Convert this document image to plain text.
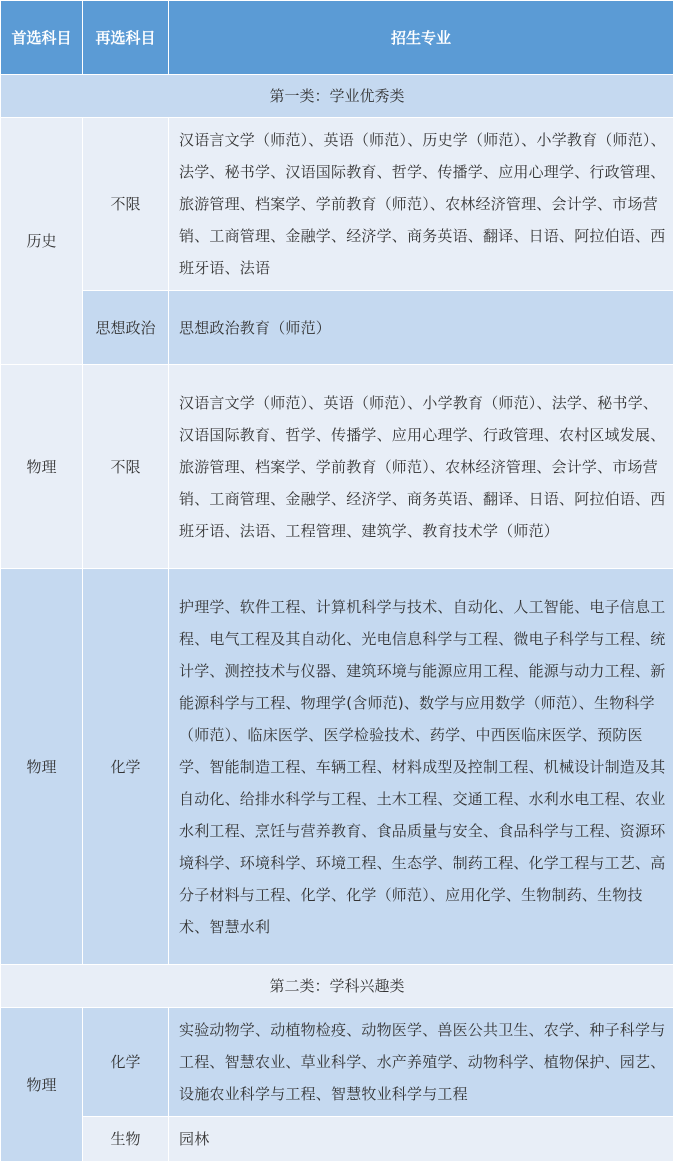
首选科目	再选科目	招生专业
第一类：学业优秀类		
历史	不限	汉语言文学（师范）、英语（师范）、历史学（师范）、小学教育（师范）、法学、秘书学、汉语国际教育、哲学、传播学、应用心理学、行政管理、旅游管理、档案学、学前教育（师范）、农林经济管理、会计学、市场营销、工商管理、金融学、经济学、商务英语、翻译、日语、阿拉伯语、西班牙语、法语
	思想政治	思想政治教育（师范）
物理	不限	汉语言文学（师范）、英语（师范）、小学教育（师范）、法学、秘书学、汉语国际教育、哲学、传播学、应用心理学、行政管理、农村区域发展、旅游管理、档案学、学前教育（师范）、农林经济管理、会计学、市场营销、工商管理、金融学、经济学、商务英语、翻译、日语、阿拉伯语、西班牙语、法语、工程管理、建筑学、教育技术学（师范）
物理	化学	护理学、软件工程、计算机科学与技术、自动化、人工智能、电子信息工程、电气工程及其自动化、光电信息科学与工程、微电子科学与工程、统计学、测控技术与仪器、建筑环境与能源应用工程、能源与动力工程、新能源科学与工程、物理学(含师范)、数学与应用数学（师范）、生物科学（师范）、临床医学、医学检验技术、药学、中西医临床医学、预防医学、智能制造工程、车辆工程、材料成型及控制工程、机械设计制造及其自动化、给排水科学与工程、土木工程、交通工程、水利水电工程、农业水利工程、烹饪与营养教育、食品质量与安全、食品科学与工程、资源环境科学、环境科学、环境工程、生态学、制药工程、化学工程与工艺、高分子材料与工程、化学、化学（师范）、应用化学、生物制药、生物技术、智慧水利
第二类：学科兴趣类		
物理	化学	实验动物学、动植物检疫、动物医学、兽医公共卫生、农学、种子科学与工程、智慧农业、草业科学、水产养殖学、动物科学、植物保护、园艺、设施农业科学与工程、智慧牧业科学与工程
	生物	园林
